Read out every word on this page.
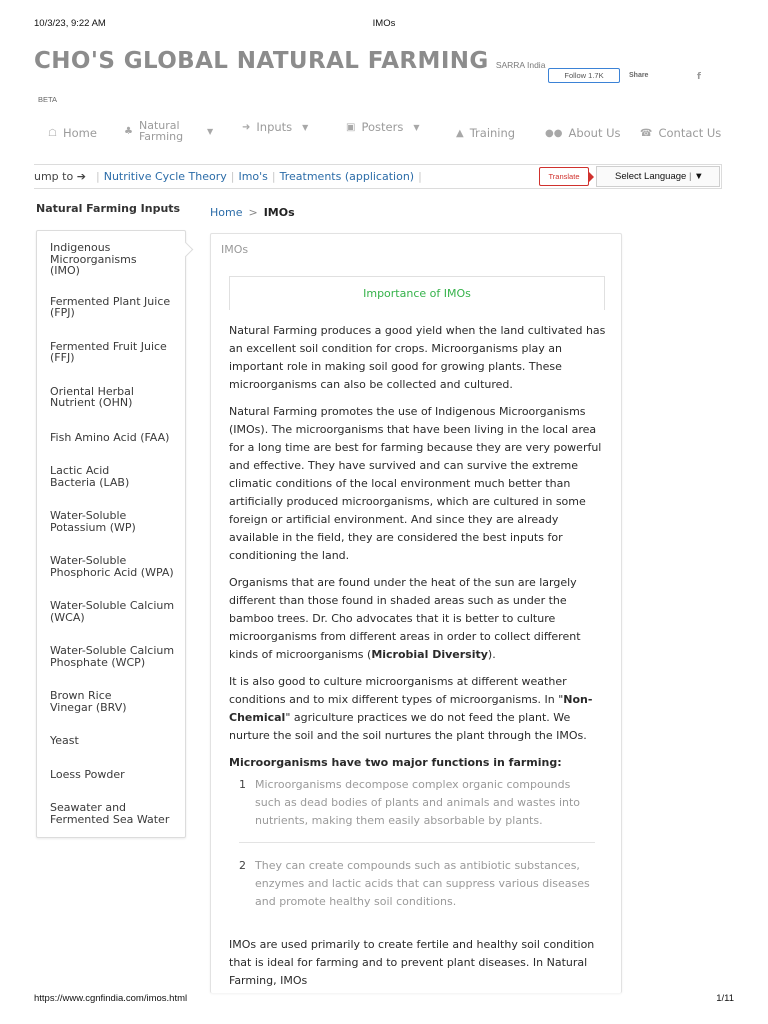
10/3/23, 9:22 AM	IMOs
CHO'S GLOBAL NATURAL FARMING SARRA India
Follow 1.7K	Share	f
BETA
☖ Home	♣ Natural Farming	▼	➜ Inputs ▼	▣ Posters ▼
▲ Training	●● About Us ☎ Contact Us
ump to ➔ | Nutritive Cycle Theory | Imo's | Treatments (application) |	Translate	Select Language | ▼
Natural Farming Inputs
Indigenous Microorganisms (IMO)
Fermented Plant Juice (FPJ)
Fermented Fruit Juice (FFJ)
Oriental Herbal Nutrient (OHN)
Fish Amino Acid (FAA)
Lactic Acid Bacteria (LAB)
Water-Soluble Potassium (WP)
Water-Soluble Phosphoric Acid (WPA)
Water-Soluble Calcium (WCA)
Water-Soluble Calcium Phosphate (WCP)
Brown Rice Vinegar (BRV)
Yeast
Loess Powder
Seawater and Fermented Sea Water
Home > IMOs
IMOs
Importance of IMOs

Natural Farming produces a good yield when the land cultivated has an excellent soil condition for crops. Microorganisms play an important role in making soil good for growing plants. These microorganisms can also be collected and cultured.

Natural Farming promotes the use of Indigenous Microorganisms (IMOs). The microorganisms that have been living in the local area for a long time are best for farming because they are very powerful and effective. They have survived and can survive the extreme climatic conditions of the local environment much better than artificially produced microorganisms, which are cultured in some foreign or artificial environment. And since they are already available in the field, they are considered the best inputs for conditioning the land.

Organisms that are found under the heat of the sun are largely different than those found in shaded areas such as under the bamboo trees. Dr. Cho advocates that it is better to culture microorganisms from different areas in order to collect different kinds of microorganisms (Microbial Diversity).

It is also good to culture microorganisms at different weather conditions and to mix different types of microorganisms. In "Non-Chemical" agriculture practices we do not feed the plant. We nurture the soil and the soil nurtures the plant through the IMOs.

Microorganisms have two major functions in farming:

1 Microorganisms decompose complex organic compounds such as dead bodies of plants and animals and wastes into nutrients, making them easily absorbable by plants.
2 They can create compounds such as antibiotic substances, enzymes and lactic acids that can suppress various diseases and promote healthy soil conditions.
IMOs are used primarily to create fertile and healthy soil condition that is ideal for farming and to prevent plant diseases. In Natural Farming, IMOs
https://www.cgnfindia.com/imos.html	1/11
